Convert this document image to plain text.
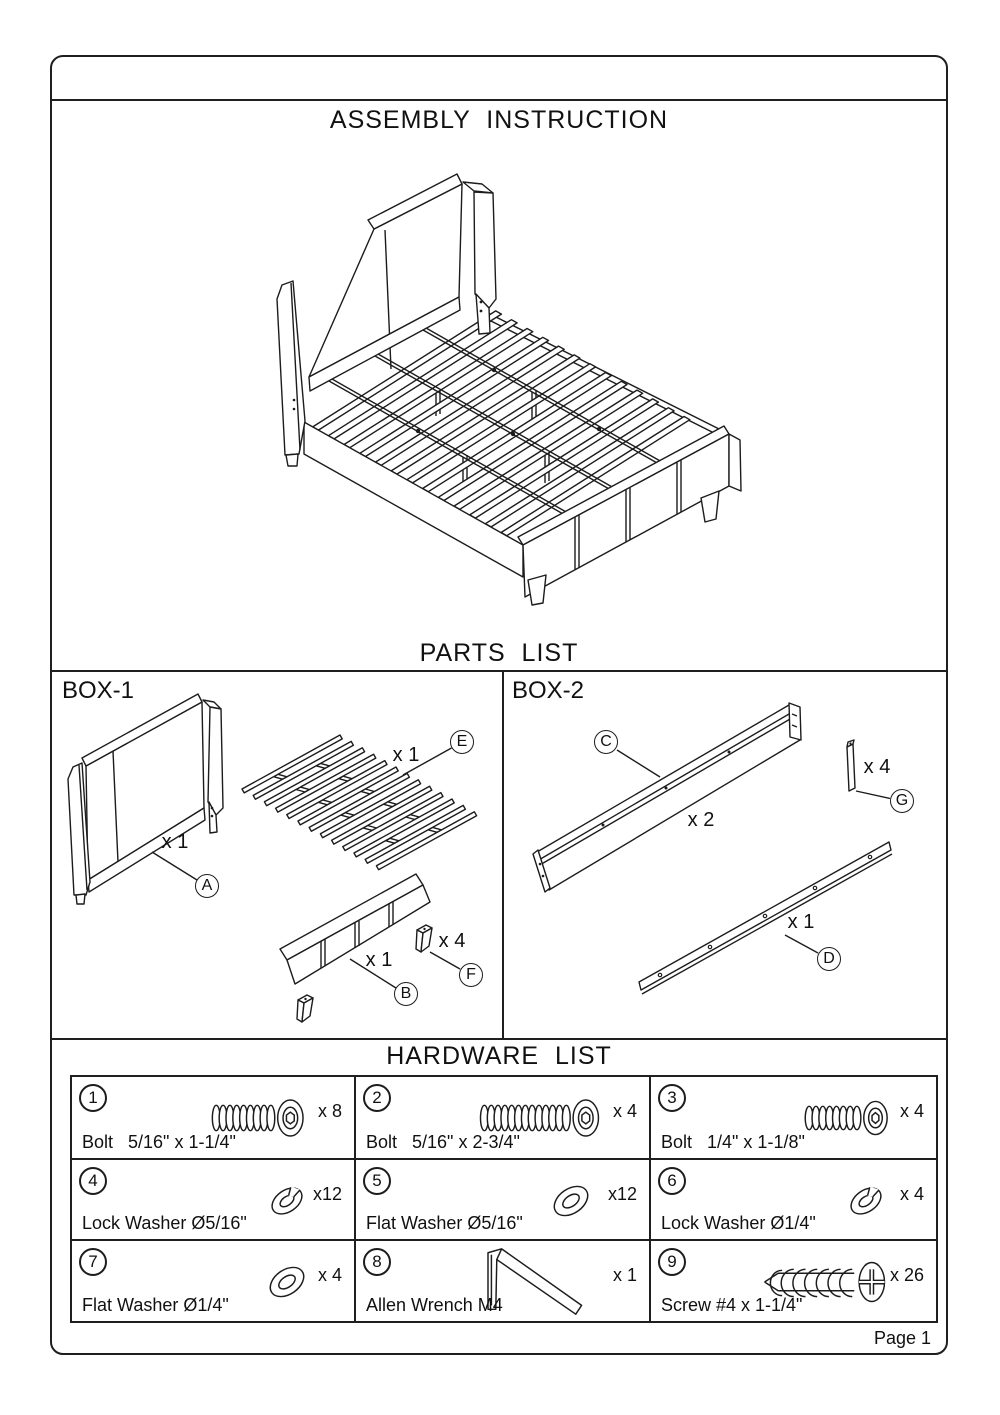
ASSEMBLY  INSTRUCTION
PARTS  LIST
BOX-1	BOX-2
x 1
x 1
x 1
x 4
x 2
x 4
x 1
A
E
B
F
C
G
D
HARDWARE  LIST
1
x 8
Bolt   5/16" x 1-1/4"
2
x 4
Bolt   5/16" x 2-3/4"
3
x 4
Bolt   1/4" x 1-1/8"
4
x12
Lock Washer Ø5/16"
5
x12
Flat Washer Ø5/16"
6
x 4
Lock Washer Ø1/4"
7
x 4
Flat Washer Ø1/4"
8
x 1
Allen Wrench M4
9
x 26
Screw #4 x 1-1/4"
Page 1
